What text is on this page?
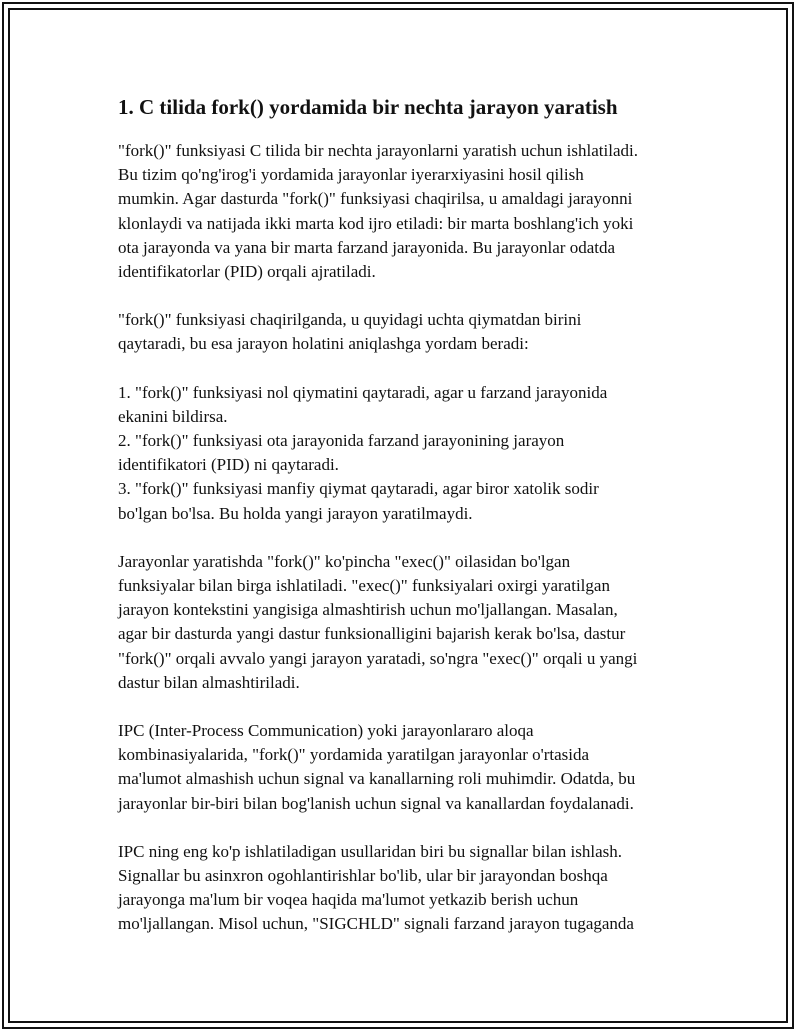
1. C tilida fork() yordamida bir nechta jarayon yaratish

"fork()" funksiyasi C tilida bir nechta jarayonlarni yaratish uchun ishlatiladi.
Bu tizim qo'ng'irog'i yordamida jarayonlar iyerarxiyasini hosil qilish
mumkin. Agar dasturda "fork()" funksiyasi chaqirilsa, u amaldagi jarayonni
klonlaydi va natijada ikki marta kod ijro etiladi: bir marta boshlang'ich yoki
ota jarayonda va yana bir marta farzand jarayonida. Bu jarayonlar odatda
identifikatorlar (PID) orqali ajratiladi.

"fork()" funksiyasi chaqirilganda, u quyidagi uchta qiymatdan birini
qaytaradi, bu esa jarayon holatini aniqlashga yordam beradi:

1. "fork()" funksiyasi nol qiymatini qaytaradi, agar u farzand jarayonida
ekanini bildirsa.
2. "fork()" funksiyasi ota jarayonida farzand jarayonining jarayon
identifikatori (PID) ni qaytaradi.
3. "fork()" funksiyasi manfiy qiymat qaytaradi, agar biror xatolik sodir
bo'lgan bo'lsa. Bu holda yangi jarayon yaratilmaydi.

Jarayonlar yaratishda "fork()" ko'pincha "exec()" oilasidan bo'lgan
funksiyalar bilan birga ishlatiladi. "exec()" funksiyalari oxirgi yaratilgan
jarayon kontekstini yangisiga almashtirish uchun mo'ljallangan. Masalan,
agar bir dasturda yangi dastur funksionalligini bajarish kerak bo'lsa, dastur
"fork()" orqali avvalo yangi jarayon yaratadi, so'ngra "exec()" orqali u yangi
dastur bilan almashtiriladi.

IPC (Inter-Process Communication) yoki jarayonlararo aloqa
kombinasiyalarida, "fork()" yordamida yaratilgan jarayonlar o'rtasida
ma'lumot almashish uchun signal va kanallarning roli muhimdir. Odatda, bu
jarayonlar bir-biri bilan bog'lanish uchun signal va kanallardan foydalanadi.

IPC ning eng ko'p ishlatiladigan usullaridan biri bu signallar bilan ishlash.
Signallar bu asinxron ogohlantirishlar bo'lib, ular bir jarayondan boshqa
jarayonga ma'lum bir voqea haqida ma'lumot yetkazib berish uchun
mo'ljallangan. Misol uchun, "SIGCHLD" signali farzand jarayon tugaganda
